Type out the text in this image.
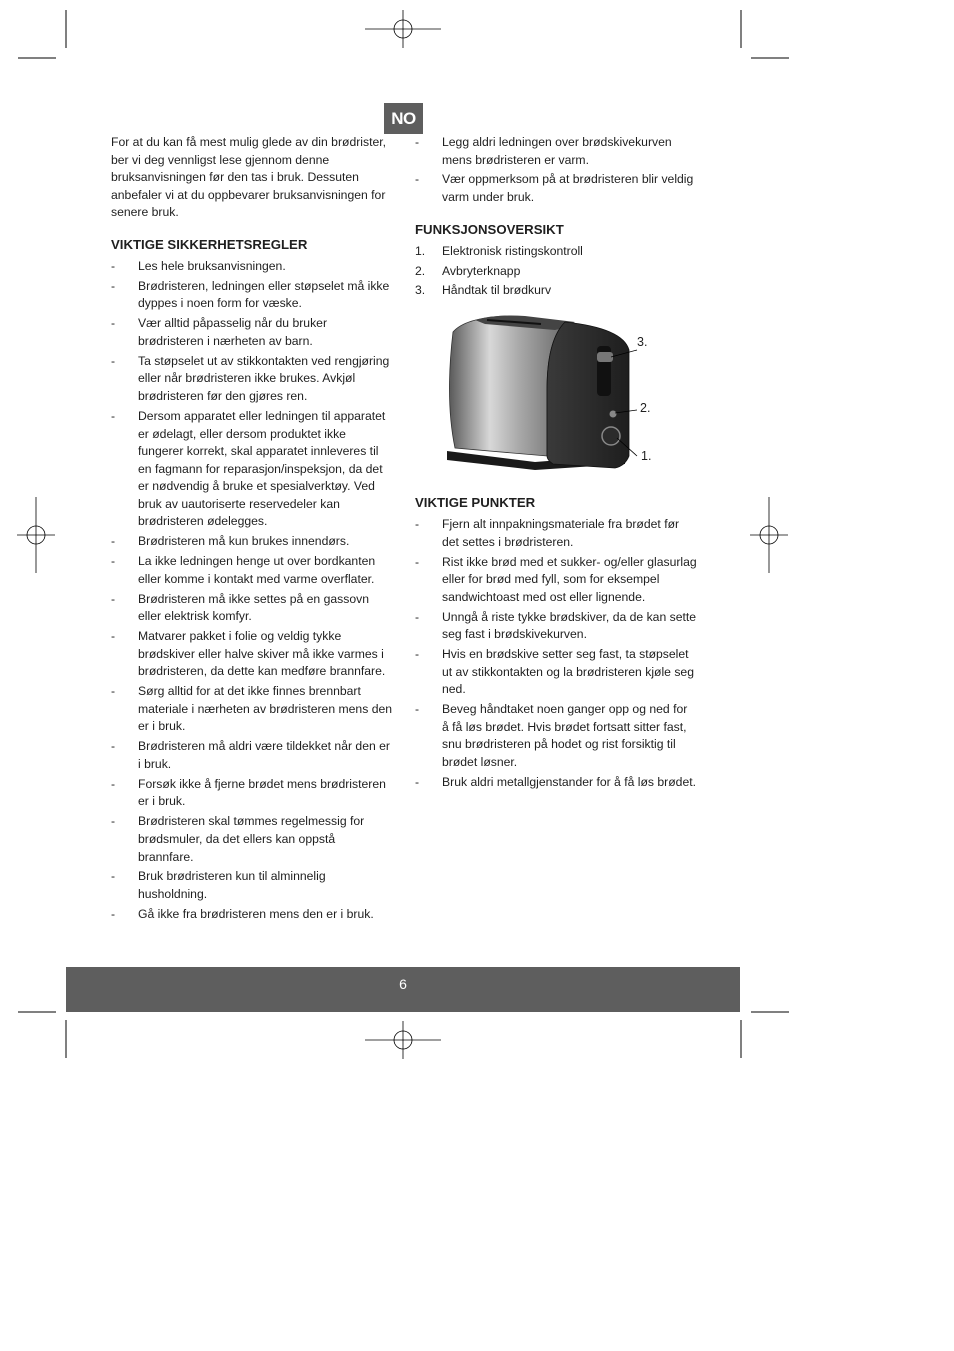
NO

For at du kan få mest mulig glede av din brødrister, ber vi deg vennligst lese gjennom denne bruksanvisningen før den tas i bruk. Dessuten anbefaler vi at du oppbevarer bruksanvisningen for senere bruk.

VIKTIGE SIKKERHETSREGLER
- Les hele bruksanvisningen.
- Brødristeren, ledningen eller støpselet må ikke dyppes i noen form for væske.
- Vær alltid påpasselig når du bruker brødristeren i nærheten av barn.
- Ta støpselet ut av stikkontakten ved rengjøring eller når brødristeren ikke brukes. Avkjøl brødristeren før den gjøres ren.
- Dersom apparatet eller ledningen til apparatet er ødelagt, eller dersom produktet ikke fungerer korrekt, skal apparatet innleveres til en fagmann for reparasjon/inspeksjon, da det er nødvendig å bruke et spesialverktøy. Ved bruk av uautoriserte reservedeler kan brødristeren ødelegges.
- Brødristeren må kun brukes innendørs.
- La ikke ledningen henge ut over bordkanten eller komme i kontakt med varme overflater.
- Brødristeren må ikke settes på en gassovn eller elektrisk komfyr.
- Matvarer pakket i folie og veldig tykke brødskiver eller halve skiver må ikke varmes i brødristeren, da dette kan medføre brannfare.
- Sørg alltid for at det ikke finnes brennbart materiale i nærheten av brødristeren mens den er i bruk.
- Brødristeren må aldri være tildekket når den er i bruk.
- Forsøk ikke å fjerne brødet mens brødristeren er i bruk.
- Brødristeren skal tømmes regelmessig for brødsmuler, da det ellers kan oppstå brannfare.
- Bruk brødristeren kun til alminnelig husholdning.
- Gå ikke fra brødristeren mens den er i bruk.
- Legg aldri ledningen over brødskivekurven mens brødristeren er varm.
- Vær oppmerksom på at brødristeren blir veldig varm under bruk.
FUNKSJONSOVERSIKT
1. Elektronisk ristingskontroll
2. Avbryterknapp
3. Håndtak til brødkurv
3.
2.
1.
VIKTIGE PUNKTER
- Fjern alt innpakningsmateriale fra brødet før det settes i brødristeren.
- Rist ikke brød med et sukker- og/eller glasurlag eller for brød med fyll, som for eksempel sandwichtoast med ost eller lignende.
- Unngå å riste tykke brødskiver, da de kan sette seg fast i brødskivekurven.
- Hvis en brødskive setter seg fast, ta støpselet ut av stikkontakten og la brødristeren kjøle seg ned.
- Beveg håndtaket noen ganger opp og ned for å få løs brødet. Hvis brødet fortsatt sitter fast, snu brødristeren på hodet og rist forsiktig til brødet løsner.
- Bruk aldri metallgjenstander for å få løs brødet.
6
